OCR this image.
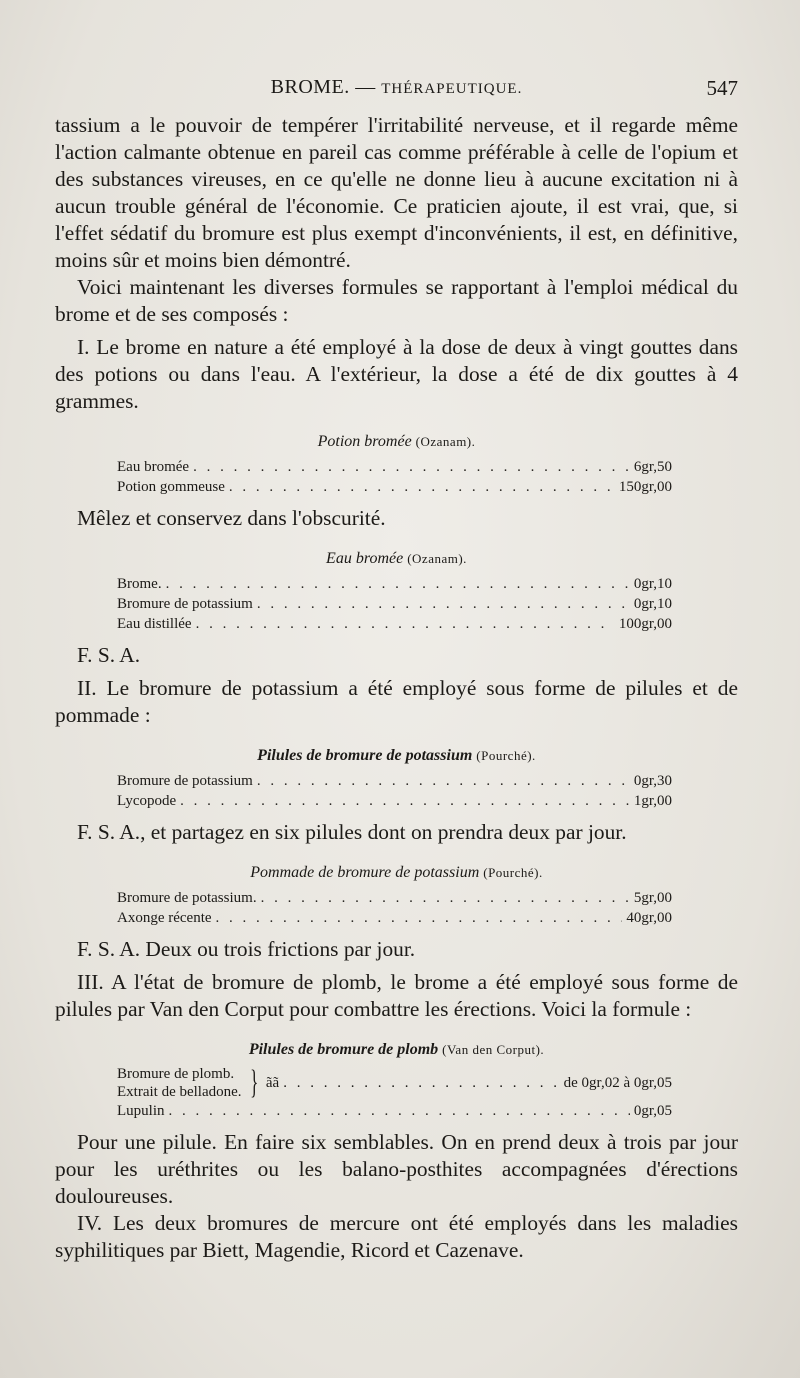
BROME. — THÉRAPEUTIQUE.	547

tassium a le pouvoir de tempérer l'irritabilité nerveuse, et il regarde même l'action calmante obtenue en pareil cas comme préférable à celle de l'opium et des substances vireuses, en ce qu'elle ne donne lieu à aucune excitation ni à aucun trouble général de l'économie. Ce praticien ajoute, il est vrai, que, si l'effet sédatif du bromure est plus exempt d'inconvénients, il est, en définitive, moins sûr et moins bien démontré.

Voici maintenant les diverses formules se rapportant à l'emploi médical du brome et de ses composés :

I. Le brome en nature a été employé à la dose de deux à vingt gouttes dans des potions ou dans l'eau. A l'extérieur, la dose a été de dix gouttes à 4 grammes.

Potion bromée (Ozanam).
Eau bromée . . .	6gr,50
Potion gommeuse . . .	150gr,00

Mêlez et conservez dans l'obscurité.

Eau bromée (Ozanam).
Brome. . . .	0gr,10
Bromure de potassium . . .	0gr,10
Eau distillée . . .	100gr,00

F. S. A.

II. Le bromure de potassium a été employé sous forme de pilules et de pommade :

Pilules de bromure de potassium (Pourché).
Bromure de potassium . . .	0gr,30
Lycopode . . .	1gr,00

F. S. A., et partagez en six pilules dont on prendra deux par jour.

Pommade de bromure de potassium (Pourché).
Bromure de potassium. . . .	5gr,00
Axonge récente . . .	40gr,00

F. S. A. Deux ou trois frictions par jour.

III. A l'état de bromure de plomb, le brome a été employé sous forme de pilules par Van den Corput pour combattre les érections. Voici la formule :

Pilules de bromure de plomb (Van den Corput).
Bromure de plomb.
Extrait de belladone. } ãã . . .	de 0gr,02 à 0gr,05
Lupulin . . .	0gr,05

Pour une pilule. En faire six semblables. On en prend deux à trois par jour pour les uréthrites ou les balano-posthites accompagnées d'érections douloureuses.

IV. Les deux bromures de mercure ont été employés dans les maladies syphilitiques par Biett, Magendie, Ricord et Cazenave.
